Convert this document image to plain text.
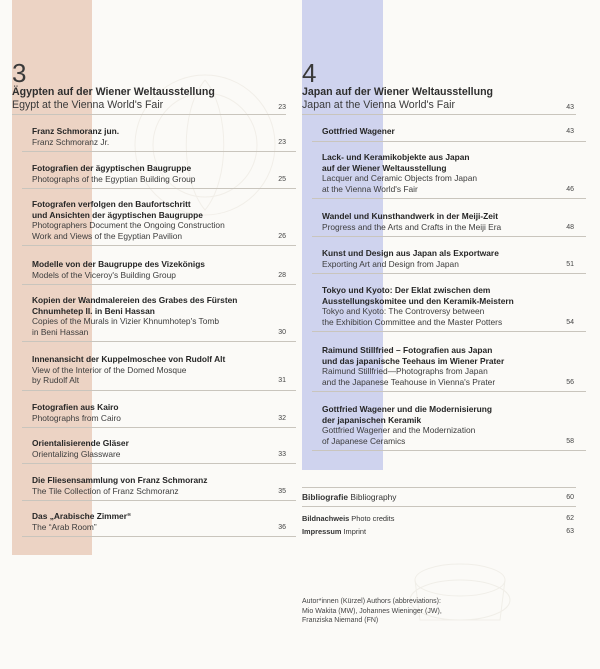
3
Ägypten auf der Wiener Weltausstellung
Egypt at the Vienna World's Fair	23
Franz Schmoranz jun.
Franz Schmoranz Jr.	23
Fotografien der ägyptischen Baugruppe
Photographs of the Egyptian Building Group	25
Fotografen verfolgen den Baufortschritt
und Ansichten der ägyptischen Baugruppe
Photographers Document the Ongoing Construction
Work and Views of the Egyptian Pavilion	26
Modelle von der Baugruppe des Vizekönigs
Models of the Viceroy's Building Group	28
Kopien der Wandmalereien des Grabes des Fürsten
Chnumhetep II. in Beni Hassan
Copies of the Murals in Vizier Khnumhotep's Tomb
in Beni Hassan	30
Innenansicht der Kuppelmoschee von Rudolf Alt
View of the Interior of the Domed Mosque
by Rudolf Alt	31
Fotografien aus Kairo
Photographs from Cairo	32
Orientalisierende Gläser
Orientalizing Glassware	33
Die Fliesensammlung von Franz Schmoranz
The Tile Collection of Franz Schmoranz	35
Das „Arabische Zimmer“
The “Arab Room”	36
4
Japan auf der Wiener Weltausstellung
Japan at the Vienna World's Fair	43
Gottfried Wagener	43
Lack- und Keramikobjekte aus Japan
auf der Wiener Weltausstellung
Lacquer and Ceramic Objects from Japan
at the Vienna World's Fair	46
Wandel und Kunsthandwerk in der Meiji-Zeit
Progress and the Arts and Crafts in the Meiji Era	48
Kunst und Design aus Japan als Exportware
Exporting Art and Design from Japan	51
Tokyo und Kyoto: Der Eklat zwischen dem
Ausstellungskomitee und den Keramik-Meistern
Tokyo and Kyoto: The Controversy between
the Exhibition Committee and the Master Potters	54
Raimund Stillfried – Fotografien aus Japan
und das japanische Teehaus im Wiener Prater
Raimund Stillfried—Photographs from Japan
and the Japanese Teahouse in Vienna's Prater	56
Gottfried Wagener und die Modernisierung
der japanischen Keramik
Gottfried Wagener and the Modernization
of Japanese Ceramics	58
Bibliografie Bibliography	60
Bildnachweis Photo credits	62
Impressum Imprint	63
Autor*innen (Kürzel) Authors (abbreviations):
Mio Wakita (MW), Johannes Wieninger (JW),
Franziska Niemand (FN)
